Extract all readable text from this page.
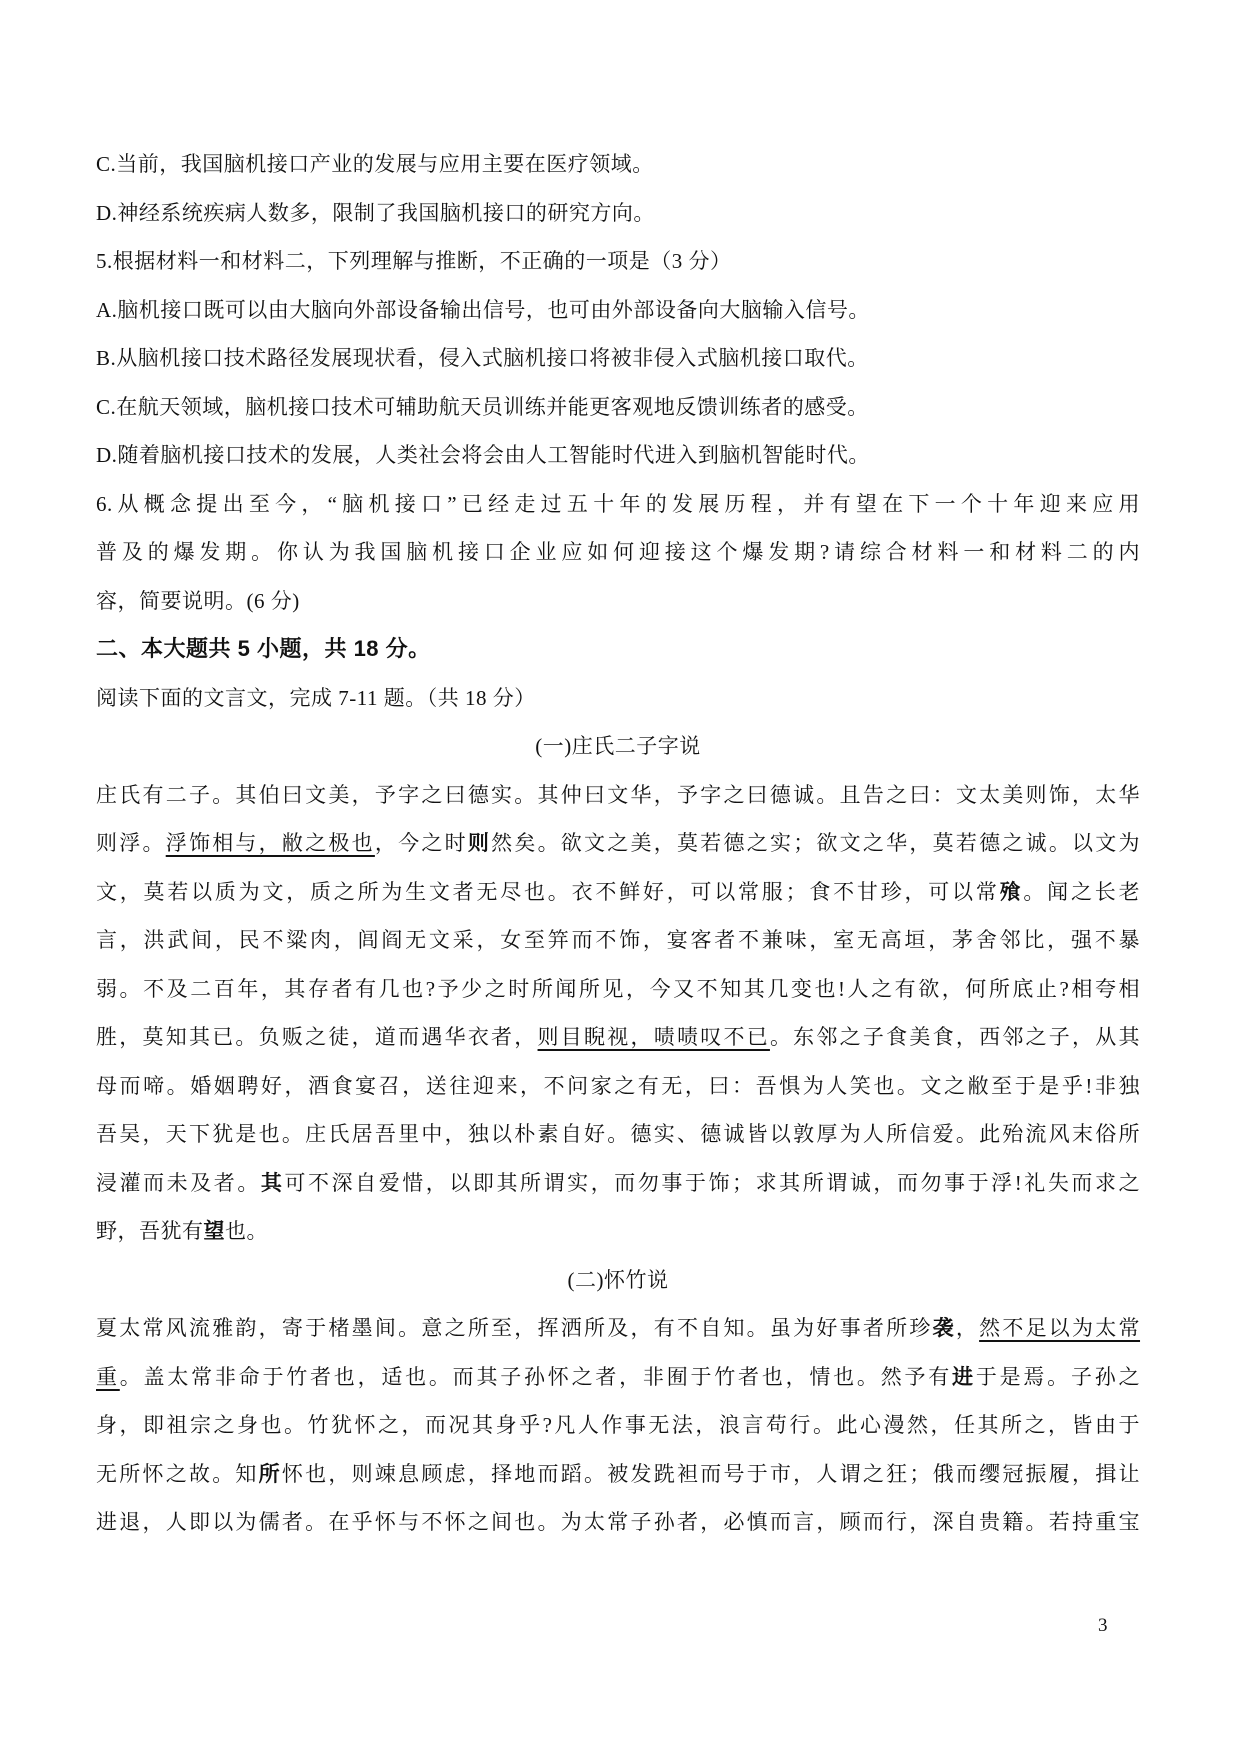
C.当前，我国脑机接口产业的发展与应用主要在医疗领域。
D.神经系统疾病人数多，限制了我国脑机接口的研究方向。
5.根据材料一和材料二，下列理解与推断，不正确的一项是（3 分）
A.脑机接口既可以由大脑向外部设备输出信号，也可由外部设备向大脑输入信号。
B.从脑机接口技术路径发展现状看，侵入式脑机接口将被非侵入式脑机接口取代。
C.在航天领域，脑机接口技术可辅助航天员训练并能更客观地反馈训练者的感受。
D.随着脑机接口技术的发展，人类社会将会由人工智能时代进入到脑机智能时代。
6.从概念提出至今，“脑机接口”已经走过五十年的发展历程，并有望在下一个十年迎来应用
普及的爆发期。你认为我国脑机接口企业应如何迎接这个爆发期?请综合材料一和材料二的内
容，简要说明。(6 分)
二、本大题共 5 小题，共 18 分。
阅读下面的文言文，完成 7-11 题。（共 18 分）
(一)庄氏二子字说
庄氏有二子。其伯曰文美，予字之曰德实。其仲曰文华，予字之曰德诚。且告之曰：文太美则饰，太华
则浮。浮饰相与，敝之极也，今之时则然矣。欲文之美，莫若德之实；欲文之华，莫若德之诚。以文为
文，莫若以质为文，质之所为生文者无尽也。衣不鲜好，可以常服；食不甘珍，可以常飱。闻之长老
言，洪武间，民不粱肉，闾阎无文采，女至笄而不饰，宴客者不兼味，室无高垣，茅舍邻比，强不暴
弱。不及二百年，其存者有几也?予少之时所闻所见，今又不知其几变也!人之有欲，何所底止?相夸相
胜，莫知其已。负贩之徒，道而遇华衣者，则目睨视，啧啧叹不已。东邻之子食美食，西邻之子，从其
母而啼。婚姻聘好，酒食宴召，送往迎来，不问家之有无，曰：吾惧为人笑也。文之敝至于是乎!非独
吾吴，天下犹是也。庄氏居吾里中，独以朴素自好。德实、德诚皆以敦厚为人所信爱。此殆流风末俗所
浸灌而未及者。其可不深自爱惜，以即其所谓实，而勿事于饰；求其所谓诚，而勿事于浮!礼失而求之
野，吾犹有望也。
(二)怀竹说
夏太常风流雅韵，寄于楮墨间。意之所至，挥洒所及，有不自知。虽为好事者所珍袭，然不足以为太常
重。盖太常非命于竹者也，适也。而其子孙怀之者，非囿于竹者也，情也。然予有进于是焉。子孙之
身，即祖宗之身也。竹犹怀之，而况其身乎?凡人作事无法，浪言苟行。此心漫然，任其所之，皆由于
无所怀之故。知所怀也，则竦息顾虑，择地而蹈。被发跣袒而号于市，人谓之狂；俄而缨冠振履，揖让
进退，人即以为儒者。在乎怀与不怀之间也。为太常子孙者，必慎而言，顾而行，深自贵籍。若持重宝
3
